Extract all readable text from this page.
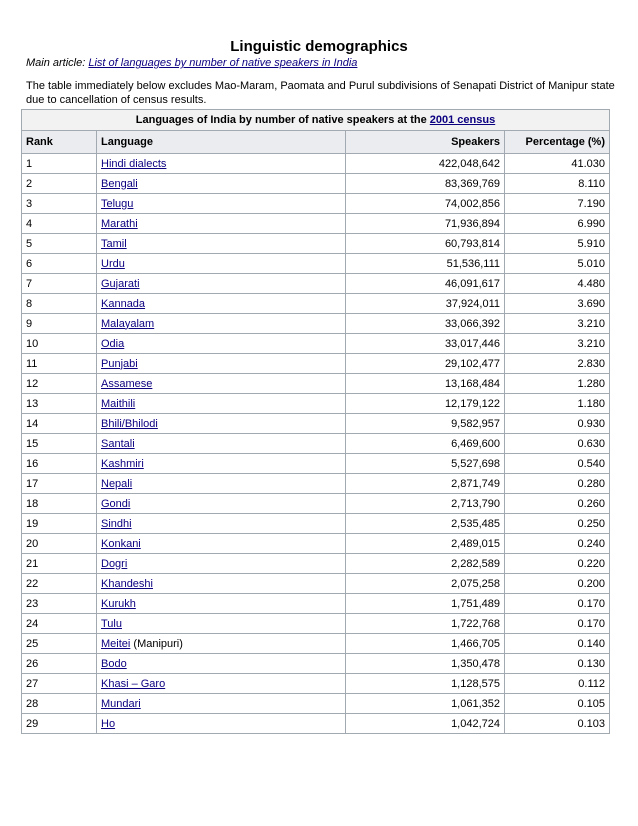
Linguistic demographics
Main article: List of languages by number of native speakers in India
The table immediately below excludes Mao-Maram, Paomata and Purul subdivisions of Senapati District of Manipur state due to cancellation of census results.
Languages of India by number of native speakers at the 2001 census
Rank	Language	Speakers	Percentage (%)
1	Hindi dialects	422,048,642	41.030
2	Bengali	83,369,769	8.110
3	Telugu	74,002,856	7.190
4	Marathi	71,936,894	6.990
5	Tamil	60,793,814	5.910
6	Urdu	51,536,111	5.010
7	Gujarati	46,091,617	4.480
8	Kannada	37,924,011	3.690
9	Malayalam	33,066,392	3.210
10	Odia	33,017,446	3.210
11	Punjabi	29,102,477	2.830
12	Assamese	13,168,484	1.280
13	Maithili	12,179,122	1.180
14	Bhili/Bhilodi	9,582,957	0.930
15	Santali	6,469,600	0.630
16	Kashmiri	5,527,698	0.540
17	Nepali	2,871,749	0.280
18	Gondi	2,713,790	0.260
19	Sindhi	2,535,485	0.250
20	Konkani	2,489,015	0.240
21	Dogri	2,282,589	0.220
22	Khandeshi	2,075,258	0.200
23	Kurukh	1,751,489	0.170
24	Tulu	1,722,768	0.170
25	Meitei (Manipuri)	1,466,705	0.140
26	Bodo	1,350,478	0.130
27	Khasi – Garo	1,128,575	0.112
28	Mundari	1,061,352	0.105
29	Ho	1,042,724	0.103
